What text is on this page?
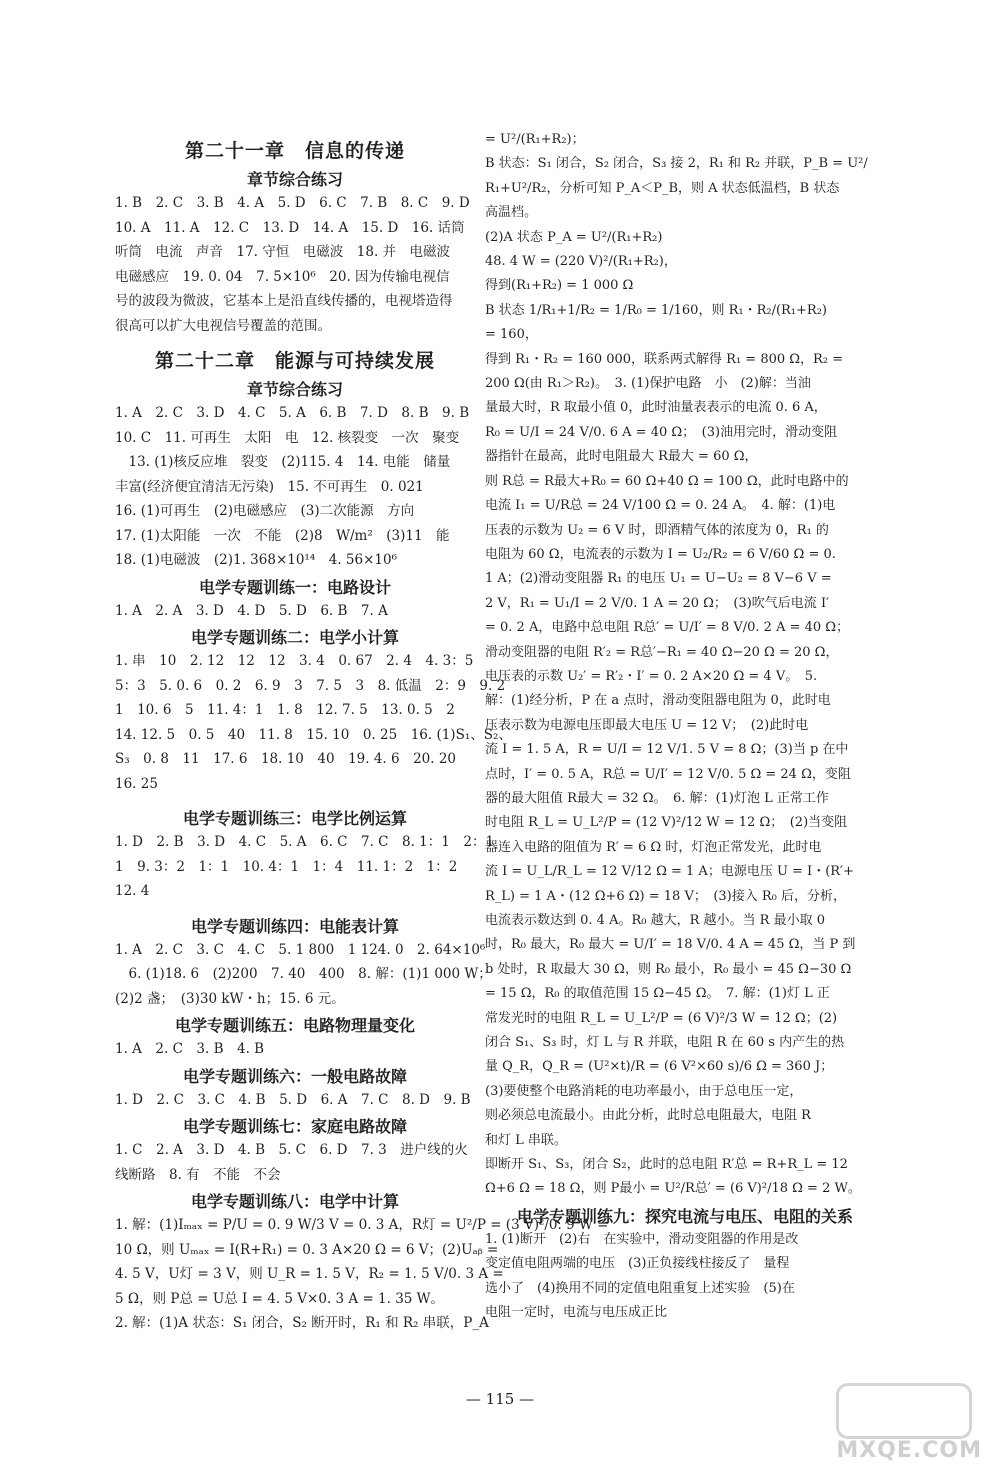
第二十一章　信息的传递
章节综合练习
1. B　2. C　3. B　4. A　5. D　6. C　7. B　8. C　9. D
10. A　11. A　12. C　13. D　14. A　15. D　16. 话筒
听筒　电流　声音　17. 守恒　电磁波　18. 并　电磁波
电磁感应　19. 0. 04　7. 5×10⁶　20. 因为传输电视信
号的波段为微波，它基本上是沿直线传播的，电视塔造得
很高可以扩大电视信号覆盖的范围。
第二十二章　能源与可持续发展
章节综合练习
1. A　2. C　3. D　4. C　5. A　6. B　7. D　8. B　9. B
10. C　11. 可再生　太阳　电　12. 核裂变　一次　聚变
　13. (1)核反应堆　裂变　(2)115. 4　14. 电能　储量
丰富(经济便宜清洁无污染)　15. 不可再生　0. 021
16. (1)可再生　(2)电磁感应　(3)二次能源　方向
17. (1)太阳能　一次　不能　(2)8　W/m²　(3)11　能
18. (1)电磁波　(2)1. 368×10¹⁴　4. 56×10⁶
电学专题训练一：电路设计
1. A　2. A　3. D　4. D　5. D　6. B　7. A
电学专题训练二：电学小计算
1. 串　10　2. 12　12　12　3. 4　0. 67　2. 4　4. 3：5
5：3　5. 0. 6　0. 2　6. 9　3　7. 5　3　8. 低温　2：9　9. 2
1　10. 6　5　11. 4：1　1. 8　12. 7. 5　13. 0. 5　2
14. 12. 5　0. 5　40　11. 8　15. 10　0. 25　16. (1)S₁、S₂、
S₃　0. 8　11　17. 6　18. 10　40　19. 4. 6　20. 20
16. 25
电学专题训练三：电学比例运算
1. D　2. B　3. D　4. C　5. A　6. C　7. C　8. 1：1　2：1
1　9. 3：2　1：1　10. 4：1　1：4　11. 1：2　1：2
12. 4
电学专题训练四：电能表计算
1. A　2. C　3. C　4. C　5. 1 800　1 124. 0　2. 64×10⁶
　6. (1)18. 6　(2)200　7. 40　400　8. 解：(1)1 000 W；
(2)2 盏；　(3)30 kW・h；15. 6 元。
电学专题训练五：电路物理量变化
1. A　2. C　3. B　4. B
电学专题训练六：一般电路故障
1. D　2. C　3. C　4. B　5. D　6. A　7. C　8. D　9. B
电学专题训练七：家庭电路故障
1. C　2. A　3. D　4. B　5. C　6. D　7. 3　进户线的火
线断路　8. 有　不能　不会
电学专题训练八：电学中计算
1. 解：(1)Iₘₐₓ = P/U = 0. 9 W/3 V = 0. 3 A，R灯 = U²/P = (3 V)²/0. 9 W =
10 Ω，则 Uₘₐₓ = I(R+R₁) = 0. 3 A×20 Ω = 6 V；(2)Uₐᵦ =
4. 5 V，U灯 = 3 V，则 U_R = 1. 5 V，R₂ = 1. 5 V/0. 3 A =
5 Ω，则 P总 = U总 I = 4. 5 V×0. 3 A = 1. 35 W。
2. 解：(1)A 状态：S₁ 闭合，S₂ 断开时，R₁ 和 R₂ 串联，P_A
= U²/(R₁+R₂)；
B 状态：S₁ 闭合，S₂ 闭合，S₃ 接 2，R₁ 和 R₂ 并联，P_B = U²/
R₁+U²/R₂，分析可知 P_A＜P_B，则 A 状态低温档，B 状态
高温档。
(2)A 状态 P_A = U²/(R₁+R₂)
48. 4 W = (220 V)²/(R₁+R₂)，
得到(R₁+R₂) = 1 000 Ω
B 状态 1/R₁+1/R₂ = 1/R₀ = 1/160，则 R₁・R₂/(R₁+R₂)
= 160，
得到 R₁・R₂ = 160 000，联系两式解得 R₁ = 800 Ω，R₂ =
200 Ω(由 R₁＞R₂)。　3. (1)保护电路　小　(2)解：当油
量最大时，R 取最小值 0，此时油量表表示的电流 0. 6 A，
R₀ = U/I = 24 V/0. 6 A = 40 Ω；　(3)油用完时，滑动变阻
器指针在最高，此时电阻最大 R最大 = 60 Ω，
则 R总 = R最大+R₀ = 60 Ω+40 Ω = 100 Ω，此时电路中的
电流 I₁ = U/R总 = 24 V/100 Ω = 0. 24 A。　4. 解：(1)电
压表的示数为 U₂ = 6 V 时，即酒精气体的浓度为 0，R₁ 的
电阻为 60 Ω，电流表的示数为 I = U₂/R₂ = 6 V/60 Ω = 0.
1 A；(2)滑动变阻器 R₁ 的电压 U₁ = U−U₂ = 8 V−6 V =
2 V，R₁ = U₁/I = 2 V/0. 1 A = 20 Ω；　(3)吹气后电流 I′
= 0. 2 A，电路中总电阻 R总′ = U/I′ = 8 V/0. 2 A = 40 Ω；
滑动变阻器的电阻 R′₂ = R总′−R₁ = 40 Ω−20 Ω = 20 Ω，
电压表的示数 U₂′ = R′₂・I′ = 0. 2 A×20 Ω = 4 V。　5.
解：(1)经分析，P 在 a 点时，滑动变阻器电阻为 0，此时电
压表示数为电源电压即最大电压 U = 12 V；　(2)此时电
流 I = 1. 5 A，R = U/I = 12 V/1. 5 V = 8 Ω；(3)当 p 在中
点时，I′ = 0. 5 A，R总 = U/I′ = 12 V/0. 5 Ω = 24 Ω，变阻
器的最大阻值 R最大 = 32 Ω。　6. 解：(1)灯泡 L 正常工作
时电阻 R_L = U_L²/P = (12 V)²/12 W = 12 Ω；　(2)当变阻
器连入电路的阻值为 R′ = 6 Ω 时，灯泡正常发光，此时电
流 I = U_L/R_L = 12 V/12 Ω = 1 A；电源电压 U = I・(R′+
R_L) = 1 A・(12 Ω+6 Ω) = 18 V；　(3)接入 R₀ 后，分析，
电流表示数达到 0. 4 A。R₀ 越大，R 越小。当 R 最小取 0
时，R₀ 最大，R₀ 最大 = U/I′ = 18 V/0. 4 A = 45 Ω，当 P 到
b 处时，R 取最大 30 Ω，则 R₀ 最小，R₀ 最小 = 45 Ω−30 Ω
= 15 Ω，R₀ 的取值范围 15 Ω−45 Ω。　7. 解：(1)灯 L 正
常发光时的电阻 R_L = U_L²/P = (6 V)²/3 W = 12 Ω；(2)
闭合 S₁、S₃ 时，灯 L 与 R 并联，电阻 R 在 60 s 内产生的热
量 Q_R，Q_R = (U²×t)/R = (6 V²×60 s)/6 Ω = 360 J；
(3)要使整个电路消耗的电功率最小，由于总电压一定，
则必须总电流最小。由此分析，此时总电阻最大，电阻 R
和灯 L 串联。
即断开 S₁、S₃，闭合 S₂，此时的总电阻 R′总 = R+R_L = 12
Ω+6 Ω = 18 Ω，则 P最小 = U²/R总′ = (6 V)²/18 Ω = 2 W。
电学专题训练九：探究电流与电压、电阻的关系
1. (1)断开　(2)右　在实验中，滑动变阻器的作用是改
变定值电阻两端的电压　(3)正负接线柱接反了　量程
选小了　(4)换用不同的定值电阻重复上述实验　(5)在
电阻一定时，电流与电压成正比
— 115 —
MXQE.COM
